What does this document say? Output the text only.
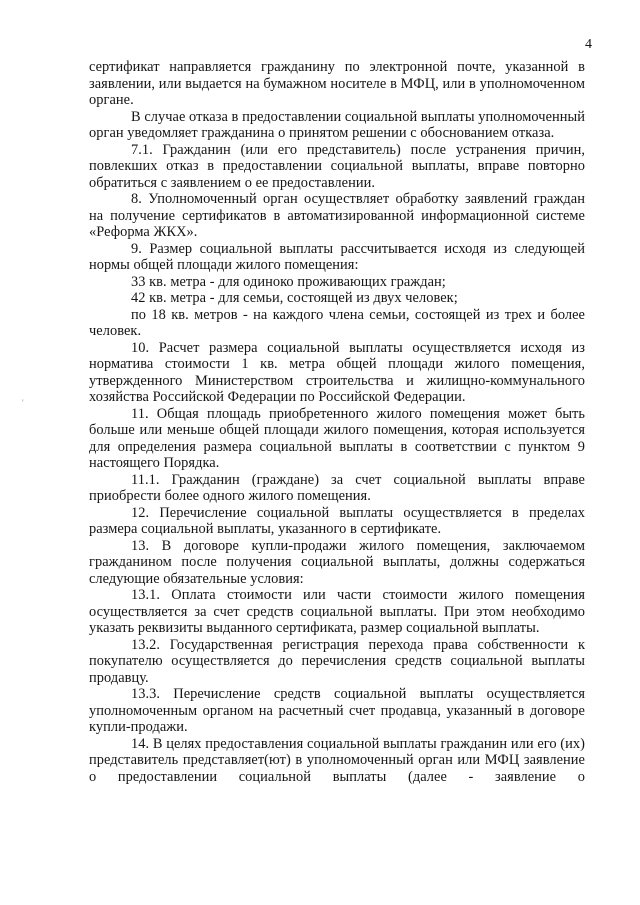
4
'

сертификат направляется гражданину по электронной почте, указанной в заявлении, или выдается на бумажном носителе в МФЦ, или в уполномоченном органе.

В случае отказа в предоставлении социальной выплаты уполномоченный орган уведомляет гражданина о принятом решении с обоснованием отказа.

7.1. Гражданин (или его представитель) после устранения причин, повлекших отказ в предоставлении социальной выплаты, вправе повторно обратиться с заявлением о ее предоставлении.

8. Уполномоченный орган осуществляет обработку заявлений граждан на получение сертификатов в автоматизированной информационной системе «Реформа ЖКХ».

9. Размер социальной выплаты рассчитывается исходя из следующей нормы общей площади жилого помещения:

33 кв. метра - для одиноко проживающих граждан;

42 кв. метра - для семьи, состоящей из двух человек;

по 18 кв. метров - на каждого члена семьи, состоящей из трех и более человек.

10. Расчет размера социальной выплаты осуществляется исходя из норматива стоимости 1 кв. метра общей площади жилого помещения, утвержденного Министерством строительства и жилищно-коммунального хозяйства Российской Федерации по Российской Федерации.

11. Общая площадь приобретенного жилого помещения может быть больше или меньше общей площади жилого помещения, которая используется для определения размера социальной выплаты в соответствии с пунктом 9 настоящего Порядка.

11.1. Гражданин (граждане) за счет социальной выплаты вправе приобрести более одного жилого помещения.

12. Перечисление социальной выплаты осуществляется в пределах размера социальной выплаты, указанного в сертификате.

13. В договоре купли-продажи жилого помещения, заключаемом гражданином после получения социальной выплаты, должны содержаться следующие обязательные условия:

13.1. Оплата стоимости или части стоимости жилого помещения осуществляется за счет средств социальной выплаты. При этом необходимо указать реквизиты выданного сертификата, размер социальной выплаты.

13.2. Государственная регистрация перехода права собственности к покупателю осуществляется до перечисления средств социальной выплаты продавцу.

13.3. Перечисление средств социальной выплаты осуществляется уполномоченным органом на расчетный счет продавца, указанный в договоре купли-продажи.

14. В целях предоставления социальной выплаты гражданин или его (их) представитель представляет(ют) в уполномоченный орган или МФЦ заявление о предоставлении социальной выплаты (далее - заявление о
